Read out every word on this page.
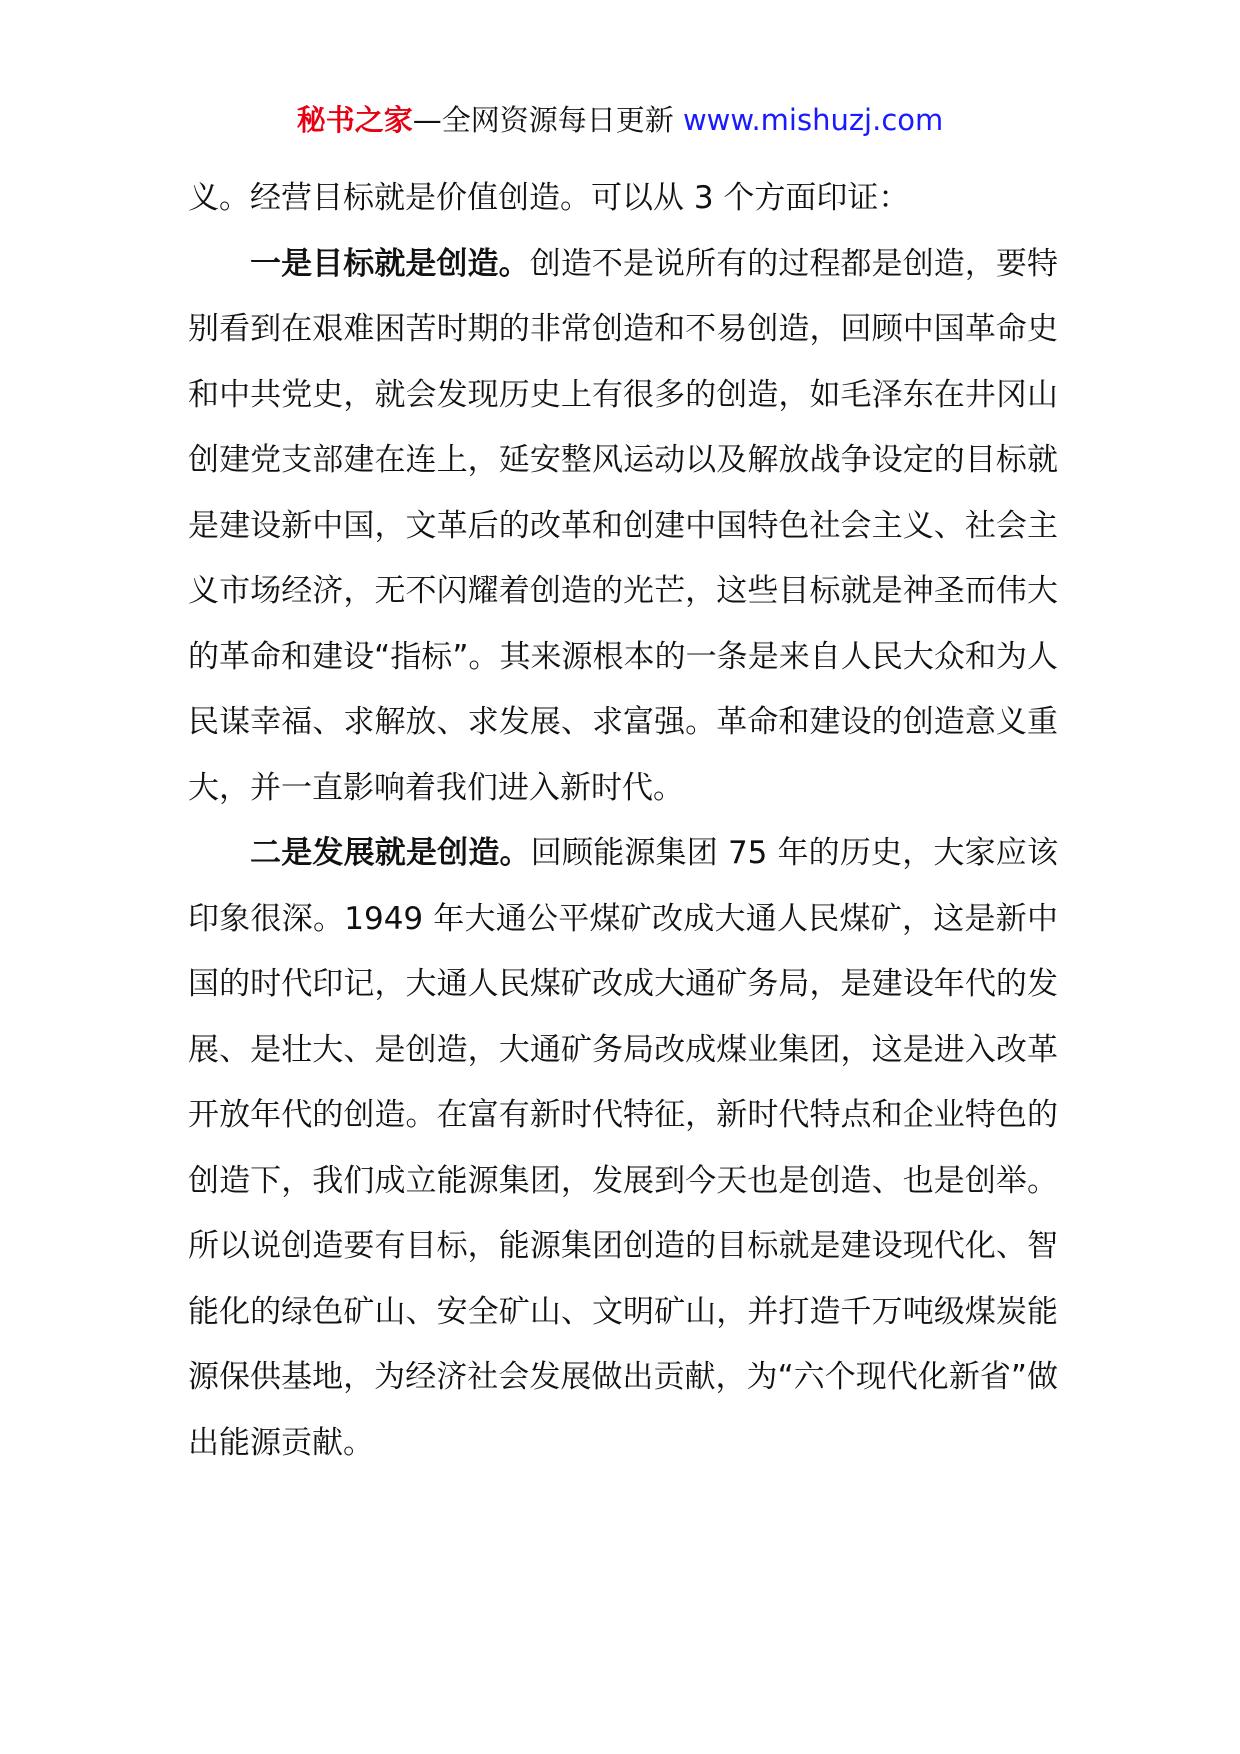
秘书之家—全网资源每日更新 www.mishuzj.com

义。经营目标就是价值创造。可以从 3 个方面印证：

一是目标就是创造。创造不是说所有的过程都是创造，要特别看到在艰难困苦时期的非常创造和不易创造，回顾中国革命史和中共党史，就会发现历史上有很多的创造，如毛泽东在井冈山创建党支部建在连上，延安整风运动以及解放战争设定的目标就是建设新中国，文革后的改革和创建中国特色社会主义、社会主义市场经济，无不闪耀着创造的光芒，这些目标就是神圣而伟大的革命和建设“指标”。其来源根本的一条是来自人民大众和为人民谋幸福、求解放、求发展、求富强。革命和建设的创造意义重大，并一直影响着我们进入新时代。

二是发展就是创造。回顾能源集团 75 年的历史，大家应该印象很深。1949 年大通公平煤矿改成大通人民煤矿，这是新中国的时代印记，大通人民煤矿改成大通矿务局，是建设年代的发展、是壮大、是创造，大通矿务局改成煤业集团，这是进入改革开放年代的创造。在富有新时代特征，新时代特点和企业特色的创造下，我们成立能源集团，发展到今天也是创造、也是创举。所以说创造要有目标，能源集团创造的目标就是建设现代化、智能化的绿色矿山、安全矿山、文明矿山，并打造千万吨级煤炭能源保供基地，为经济社会发展做出贡献，为“六个现代化新省”做出能源贡献。
